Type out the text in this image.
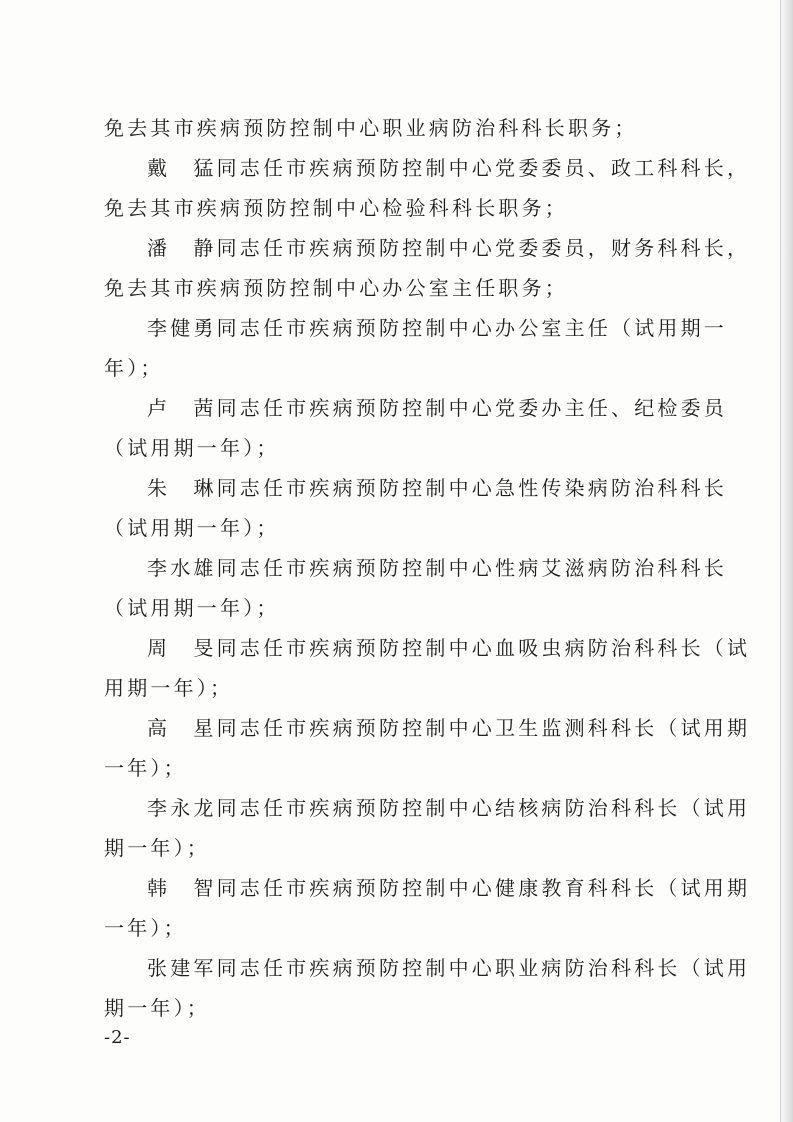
免去其市疾病预防控制中心职业病防治科科长职务；
戴　猛同志任市疾病预防控制中心党委委员、政工科科长，
免去其市疾病预防控制中心检验科科长职务；
潘　静同志任市疾病预防控制中心党委委员，财务科科长，
免去其市疾病预防控制中心办公室主任职务；
李健勇同志任市疾病预防控制中心办公室主任（试用期一
年）；
卢　茜同志任市疾病预防控制中心党委办主任、纪检委员
（试用期一年）；
朱　琳同志任市疾病预防控制中心急性传染病防治科科长
（试用期一年）；
李水雄同志任市疾病预防控制中心性病艾滋病防治科科长
（试用期一年）；
周　旻同志任市疾病预防控制中心血吸虫病防治科科长（试
用期一年）；
高　星同志任市疾病预防控制中心卫生监测科科长（试用期
一年）；
李永龙同志任市疾病预防控制中心结核病防治科科长（试用
期一年）；
韩　智同志任市疾病预防控制中心健康教育科科长（试用期
一年）；
张建军同志任市疾病预防控制中心职业病防治科科长（试用
期一年）；
-2-
